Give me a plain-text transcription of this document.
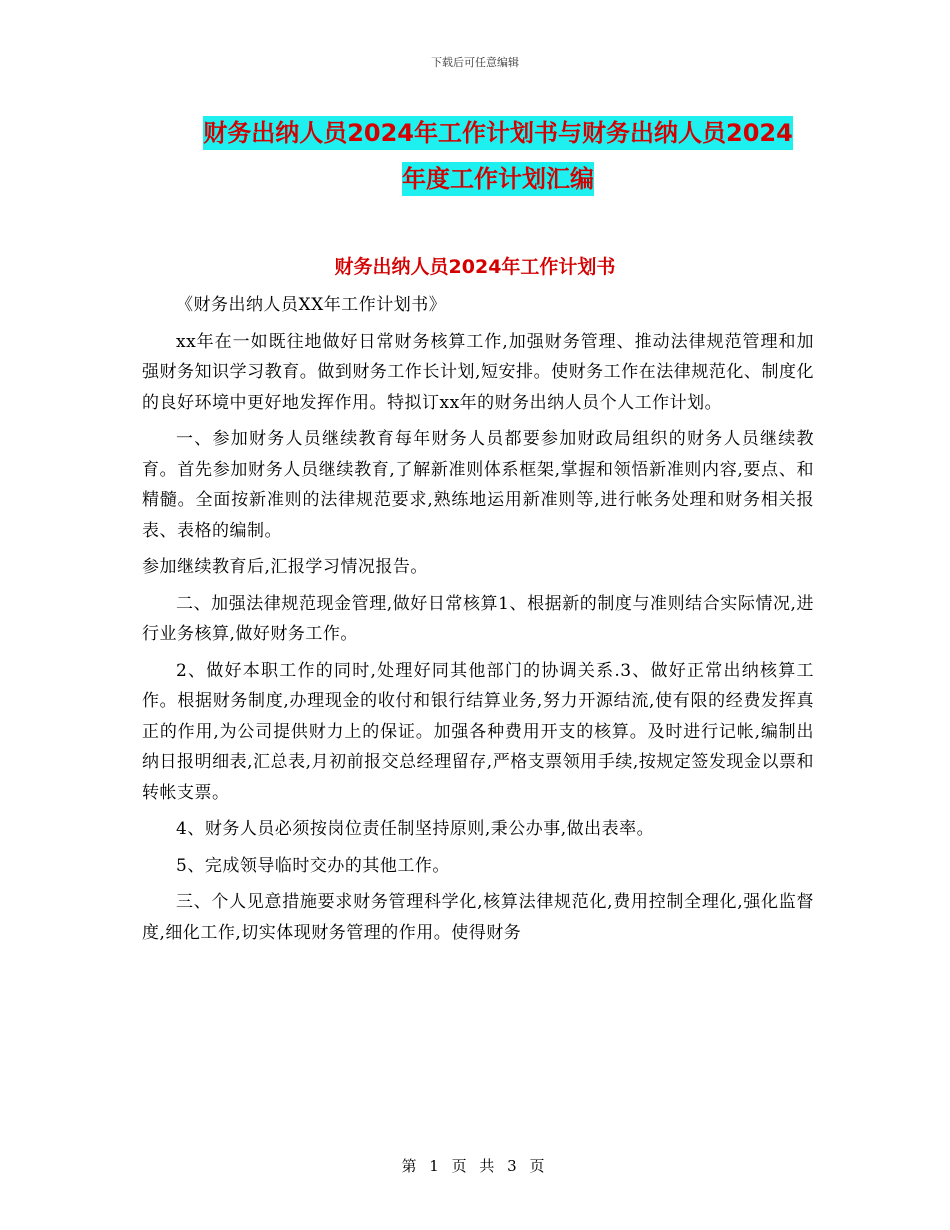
下载后可任意编辑
财务出纳人员2024年工作计划书与财务出纳人员2024
年度工作计划汇编
财务出纳人员2024年工作计划书

《财务出纳人员XX年工作计划书》

xx年在一如既往地做好日常财务核算工作,加强财务管理、推动法律规范管理和加强财务知识学习教育。做到财务工作长计划,短安排。使财务工作在法律规范化、制度化的良好环境中更好地发挥作用。特拟订xx年的财务出纳人员个人工作计划。

一、参加财务人员继续教育每年财务人员都要参加财政局组织的财务人员继续教育。首先参加财务人员继续教育,了解新准则体系框架,掌握和领悟新准则内容,要点、和精髓。全面按新准则的法律规范要求,熟练地运用新准则等,进行帐务处理和财务相关报表、表格的编制。

参加继续教育后,汇报学习情况报告。

二、加强法律规范现金管理,做好日常核算1、根据新的制度与准则结合实际情况,进行业务核算,做好财务工作。

2、做好本职工作的同时,处理好同其他部门的协调关系.3、做好正常出纳核算工作。根据财务制度,办理现金的收付和银行结算业务,努力开源结流,使有限的经费发挥真正的作用,为公司提供财力上的保证。加强各种费用开支的核算。及时进行记帐,编制出纳日报明细表,汇总表,月初前报交总经理留存,严格支票领用手续,按规定签发现金以票和转帐支票。

4、财务人员必须按岗位责任制坚持原则,秉公办事,做出表率。

5、完成领导临时交办的其他工作。

三、个人见意措施要求财务管理科学化,核算法律规范化,费用控制全理化,强化监督度,细化工作,切实体现财务管理的作用。使得财务

第 1 页 共 3 页
